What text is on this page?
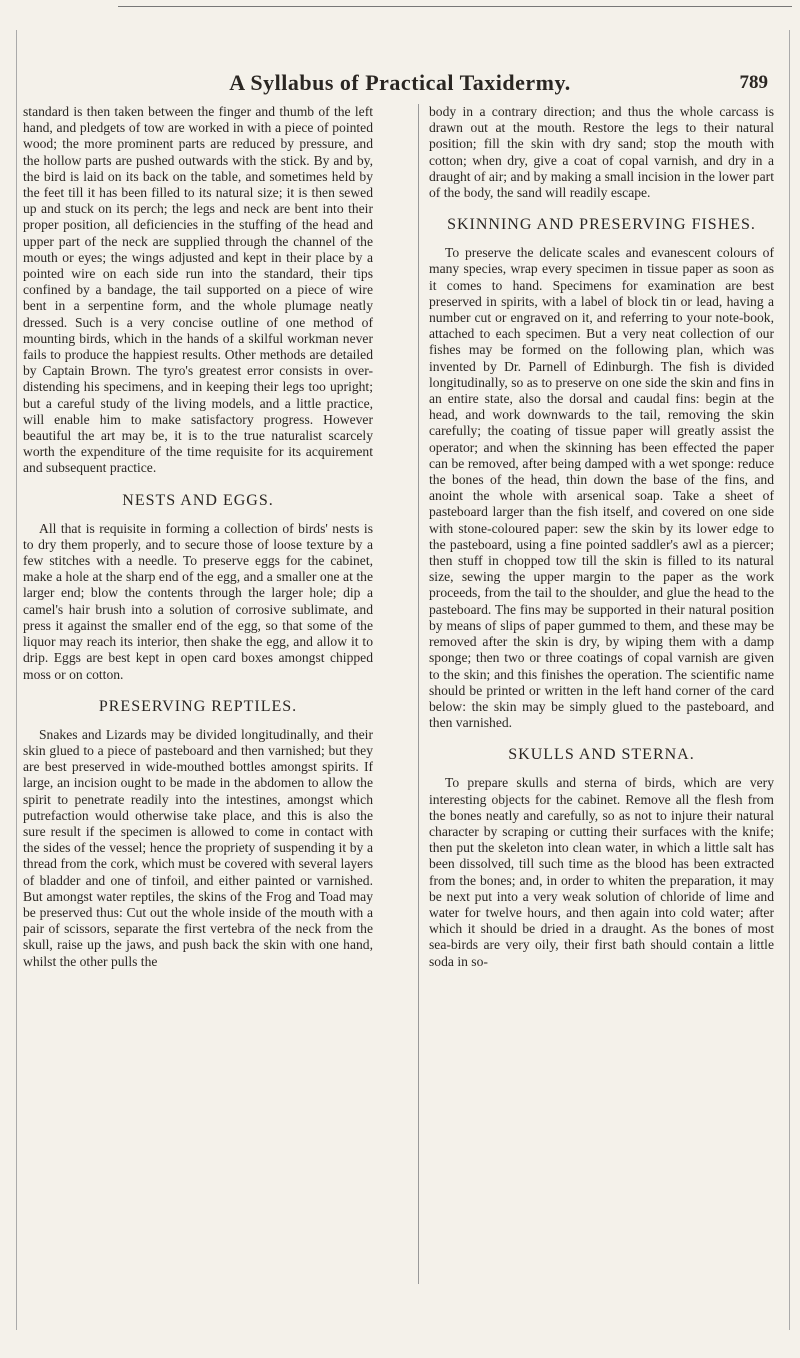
A Syllabus of Practical Taxidermy.	789

standard is then taken between the finger and thumb of the left hand, and pledgets of tow are worked in with a piece of pointed wood; the more prominent parts are reduced by pressure, and the hollow parts are pushed outwards with the stick. By and by, the bird is laid on its back on the table, and sometimes held by the feet till it has been filled to its natural size; it is then sewed up and stuck on its perch; the legs and neck are bent into their proper position, all deficiencies in the stuffing of the head and upper part of the neck are supplied through the channel of the mouth or eyes; the wings adjusted and kept in their place by a pointed wire on each side run into the standard, their tips confined by a bandage, the tail supported on a piece of wire bent in a serpentine form, and the whole plumage neatly dressed. Such is a very concise outline of one method of mounting birds, which in the hands of a skilful workman never fails to produce the happiest results. Other methods are detailed by Captain Brown. The tyro's greatest error consists in over-distending his specimens, and in keeping their legs too upright; but a careful study of the living models, and a little practice, will enable him to make satisfactory progress. However beautiful the art may be, it is to the true naturalist scarcely worth the expenditure of the time requisite for its acquirement and subsequent practice.

NESTS AND EGGS.

All that is requisite in forming a collection of birds' nests is to dry them properly, and to secure those of loose texture by a few stitches with a needle. To preserve eggs for the cabinet, make a hole at the sharp end of the egg, and a smaller one at the larger end; blow the contents through the larger hole; dip a camel's hair brush into a solution of corrosive sublimate, and press it against the smaller end of the egg, so that some of the liquor may reach its interior, then shake the egg, and allow it to drip. Eggs are best kept in open card boxes amongst chipped moss or on cotton.

PRESERVING REPTILES.

Snakes and Lizards may be divided longitudinally, and their skin glued to a piece of pasteboard and then varnished; but they are best preserved in wide-mouthed bottles amongst spirits. If large, an incision ought to be made in the abdomen to allow the spirit to penetrate readily into the intestines, amongst which putrefaction would otherwise take place, and this is also the sure result if the specimen is allowed to come in contact with the sides of the vessel; hence the propriety of suspending it by a thread from the cork, which must be covered with several layers of bladder and one of tinfoil, and either painted or varnished. But amongst water reptiles, the skins of the Frog and Toad may be preserved thus: Cut out the whole inside of the mouth with a pair of scissors, separate the first vertebra of the neck from the skull, raise up the jaws, and push back the skin with one hand, whilst the other pulls the

body in a contrary direction; and thus the whole carcass is drawn out at the mouth. Restore the legs to their natural position; fill the skin with dry sand; stop the mouth with cotton; when dry, give a coat of copal varnish, and dry in a draught of air; and by making a small incision in the lower part of the body, the sand will readily escape.

SKINNING AND PRESERVING FISHES.

To preserve the delicate scales and evanescent colours of many species, wrap every specimen in tissue paper as soon as it comes to hand. Specimens for examination are best preserved in spirits, with a label of block tin or lead, having a number cut or engraved on it, and referring to your note-book, attached to each specimen. But a very neat collection of our fishes may be formed on the following plan, which was invented by Dr. Parnell of Edinburgh. The fish is divided longitudinally, so as to preserve on one side the skin and fins in an entire state, also the dorsal and caudal fins: begin at the head, and work downwards to the tail, removing the skin carefully; the coating of tissue paper will greatly assist the operator; and when the skinning has been effected the paper can be removed, after being damped with a wet sponge: reduce the bones of the head, thin down the base of the fins, and anoint the whole with arsenical soap. Take a sheet of pasteboard larger than the fish itself, and covered on one side with stone-coloured paper: sew the skin by its lower edge to the pasteboard, using a fine pointed saddler's awl as a piercer; then stuff in chopped tow till the skin is filled to its natural size, sewing the upper margin to the paper as the work proceeds, from the tail to the shoulder, and glue the head to the pasteboard. The fins may be supported in their natural position by means of slips of paper gummed to them, and these may be removed after the skin is dry, by wiping them with a damp sponge; then two or three coatings of copal varnish are given to the skin; and this finishes the operation. The scientific name should be printed or written in the left hand corner of the card below: the skin may be simply glued to the pasteboard, and then varnished.

SKULLS AND STERNA.

To prepare skulls and sterna of birds, which are very interesting objects for the cabinet. Remove all the flesh from the bones neatly and carefully, so as not to injure their natural character by scraping or cutting their surfaces with the knife; then put the skeleton into clean water, in which a little salt has been dissolved, till such time as the blood has been extracted from the bones; and, in order to whiten the preparation, it may be next put into a very weak solution of chloride of lime and water for twelve hours, and then again into cold water; after which it should be dried in a draught. As the bones of most sea-birds are very oily, their first bath should contain a little soda in so-
